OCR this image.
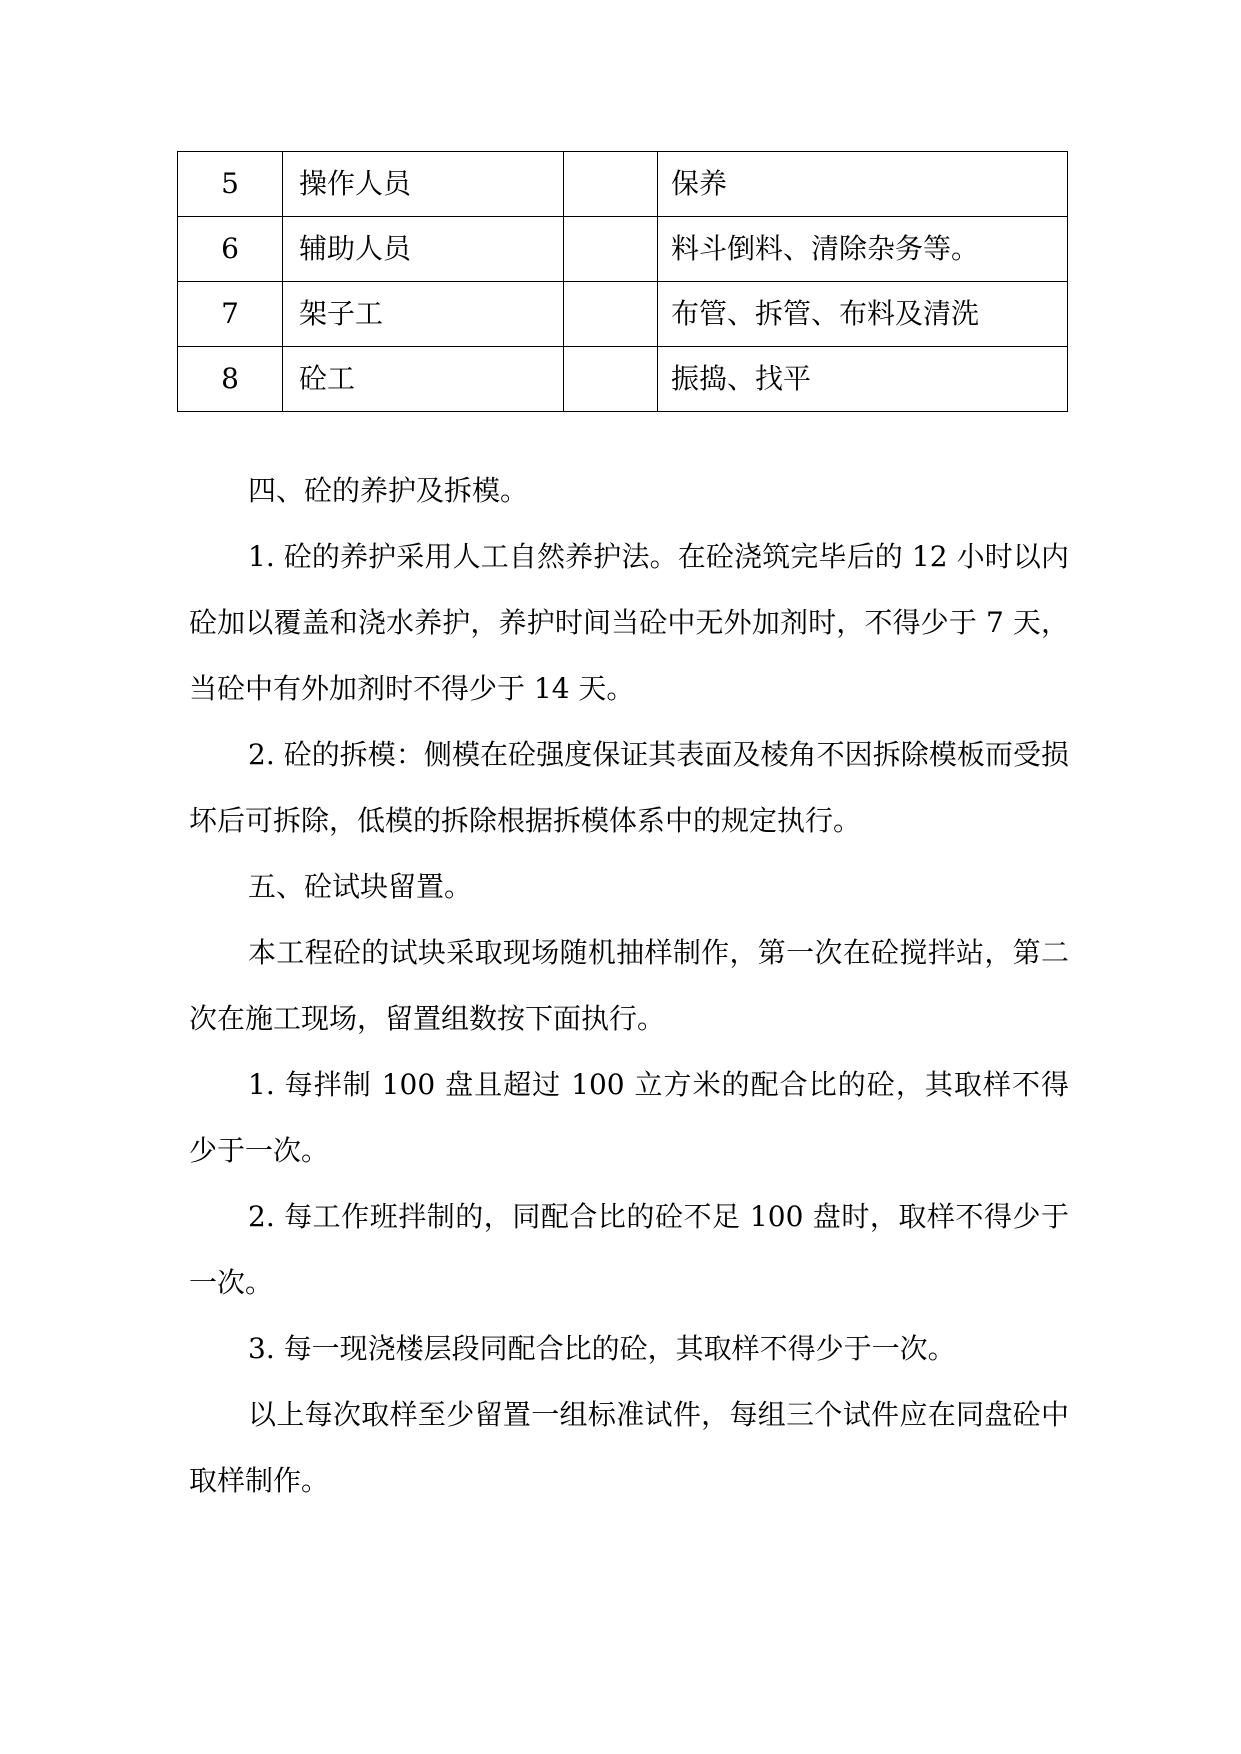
5	操作人员		保养
6	辅助人员		料斗倒料、清除杂务等。
7	架子工		布管、拆管、布料及清洗
8	砼工		振捣、找平

四、砼的养护及拆模。

1. 砼的养护采用人工自然养护法。在砼浇筑完毕后的 12 小时以内砼加以覆盖和浇水养护，养护时间当砼中无外加剂时，不得少于 7 天，当砼中有外加剂时不得少于 14 天。

2. 砼的拆模：侧模在砼强度保证其表面及棱角不因拆除模板而受损坏后可拆除，低模的拆除根据拆模体系中的规定执行。

五、砼试块留置。

本工程砼的试块采取现场随机抽样制作，第一次在砼搅拌站，第二次在施工现场，留置组数按下面执行。

1. 每拌制 100 盘且超过 100 立方米的配合比的砼，其取样不得少于一次。

2. 每工作班拌制的，同配合比的砼不足 100 盘时，取样不得少于一次。

3. 每一现浇楼层段同配合比的砼，其取样不得少于一次。

以上每次取样至少留置一组标准试件，每组三个试件应在同盘砼中取样制作。
